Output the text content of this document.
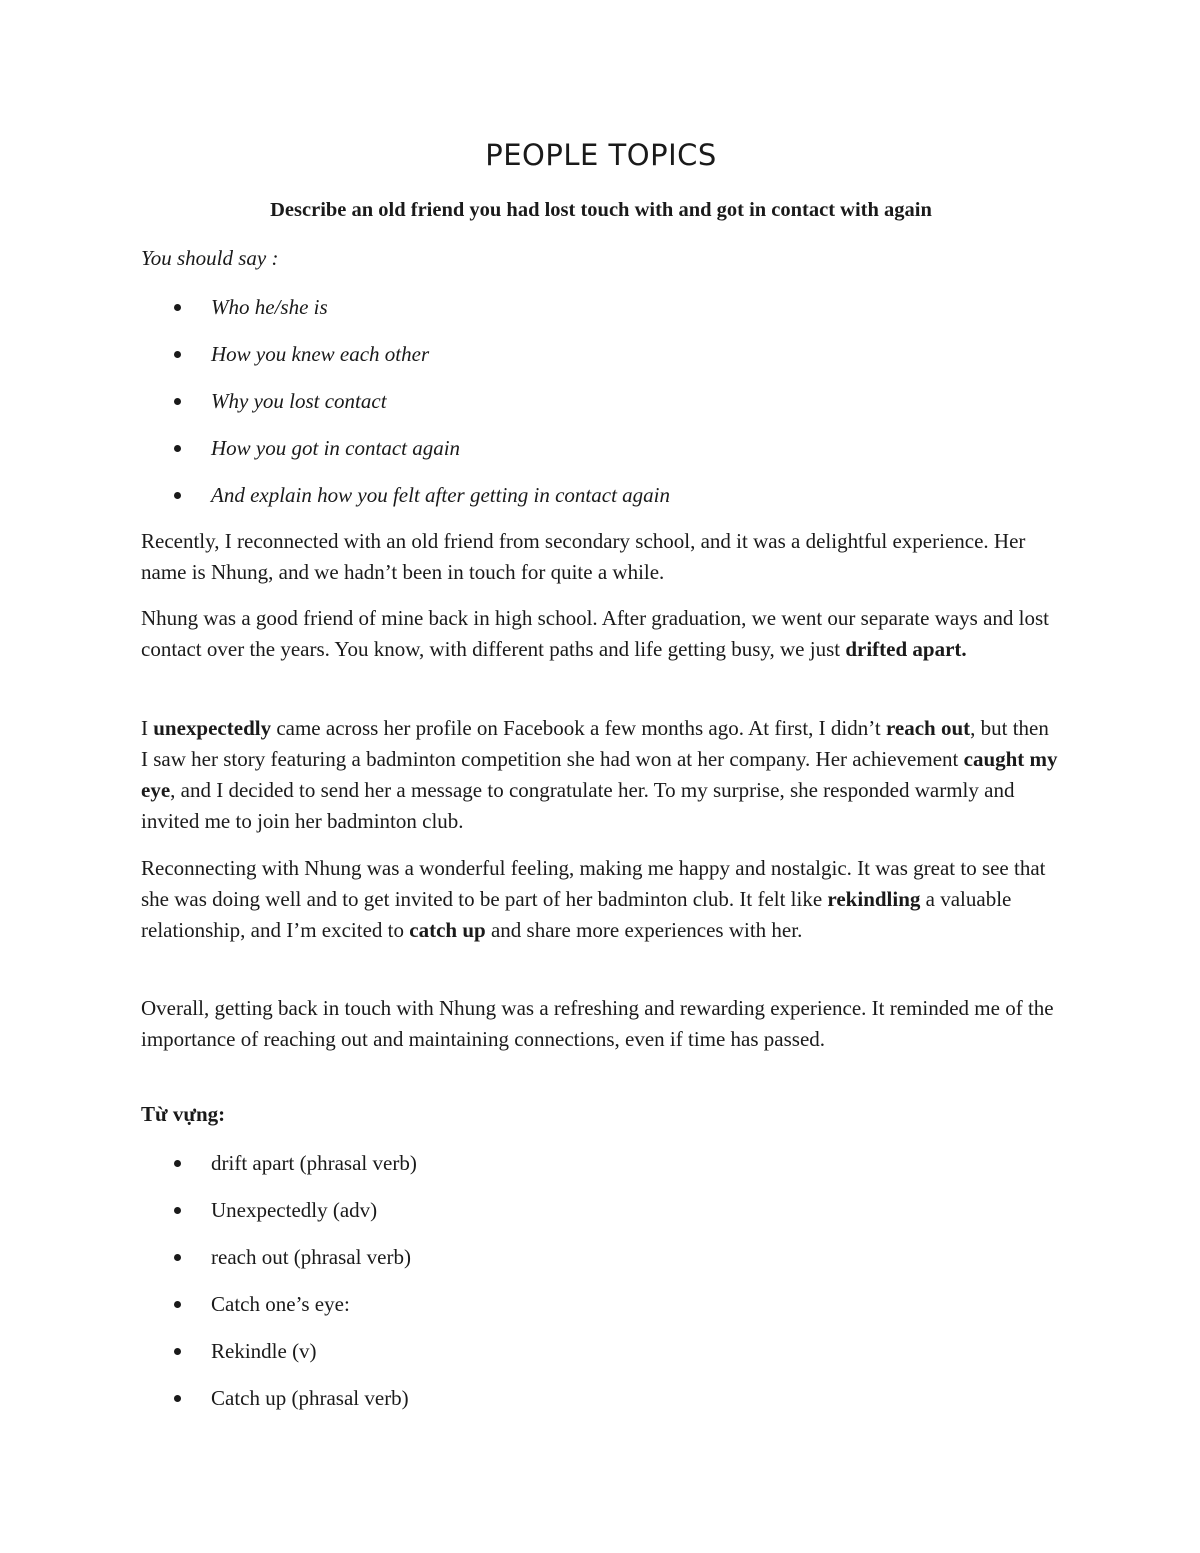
PEOPLE TOPICS
Describe an old friend you had lost touch with and got in contact with again
You should say :
Who he/she is
How you knew each other
Why you lost contact
How you got in contact again
And explain how you felt after getting in contact again
Recently, I reconnected with an old friend from secondary school, and it was a delightful experience. Her name is Nhung, and we hadn’t been in touch for quite a while.
Nhung was a good friend of mine back in high school. After graduation, we went our separate ways and lost contact over the years. You know, with different paths and life getting busy, we just drifted apart.
I unexpectedly came across her profile on Facebook a few months ago. At first, I didn’t reach out, but then I saw her story featuring a badminton competition she had won at her company. Her achievement caught my eye, and I decided to send her a message to congratulate her. To my surprise, she responded warmly and invited me to join her badminton club.
Reconnecting with Nhung was a wonderful feeling, making me happy and nostalgic. It was great to see that she was doing well and to get invited to be part of her badminton club. It felt like rekindling a valuable relationship, and I’m excited to catch up and share more experiences with her.
Overall, getting back in touch with Nhung was a refreshing and rewarding experience. It reminded me of the importance of reaching out and maintaining connections, even if time has passed.
Từ vựng:
drift apart (phrasal verb)
Unexpectedly (adv)
reach out (phrasal verb)
Catch one’s eye:
Rekindle (v)
Catch up (phrasal verb)
